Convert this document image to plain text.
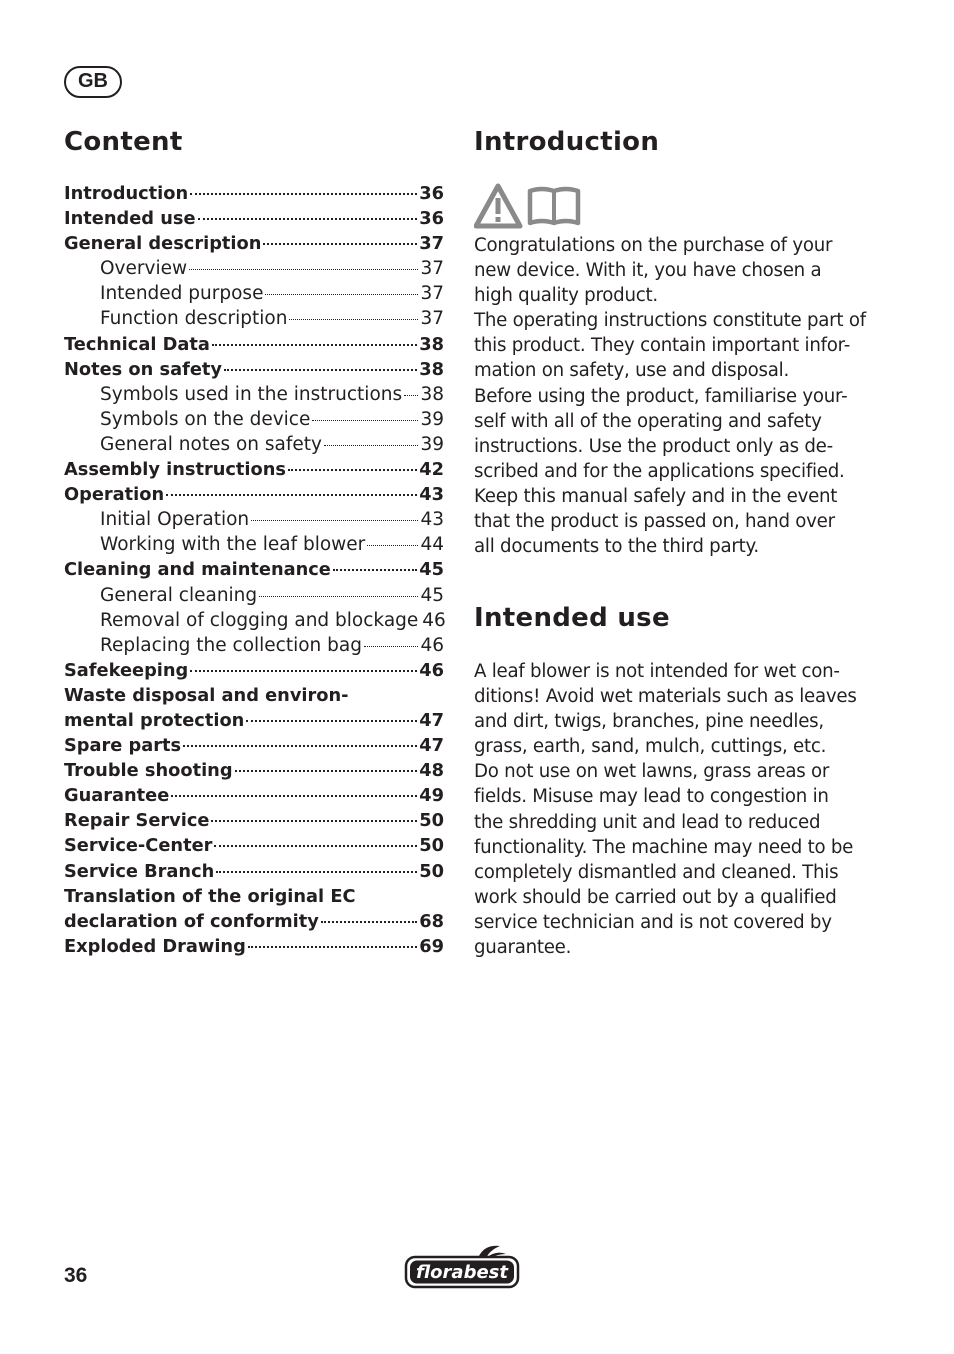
GB
Content
Introduction	36
Intended use	36
General description	37
Overview	37
Intended purpose	37
Function description	37
Technical Data	38
Notes on safety	38
Symbols used in the instructions 38
Symbols on the device	39
General notes on safety	39
Assembly instructions	42
Operation	43
Initial Operation	43
Working with the leaf blower	44
Cleaning and maintenance	45
General cleaning	45
Removal of clogging and blockage 46
Replacing the collection bag	46
Safekeeping	46
Waste disposal and environ-
mental protection	47
Spare parts	47
Trouble shooting	48
Guarantee	49
Repair Service	50
Service-Center	50
Service Branch	50
Translation of the original EC
declaration of conformity	68
Exploded Drawing	69
Introduction
Congratulations on the purchase of your
new device. With it, you have chosen a
high quality product.
The operating instructions constitute part of
this product. They contain important infor-
mation on safety, use and disposal.
Before using the product, familiarise your-
self with all of the operating and safety
instructions. Use the product only as de-
scribed and for the applications specified.
Keep this manual safely and in the event
that the product is passed on, hand over
all documents to the third party.
Intended use
A leaf blower is not intended for wet con-
ditions! Avoid wet materials such as leaves
and dirt, twigs, branches, pine needles,
grass, earth, sand, mulch, cuttings, etc.
Do not use on wet lawns, grass areas or
fields. Misuse may lead to congestion in
the shredding unit and lead to reduced
functionality. The machine may need to be
completely dismantled and cleaned. This
work should be carried out by a qualified
service technician and is not covered by
guarantee.
36	florabest
